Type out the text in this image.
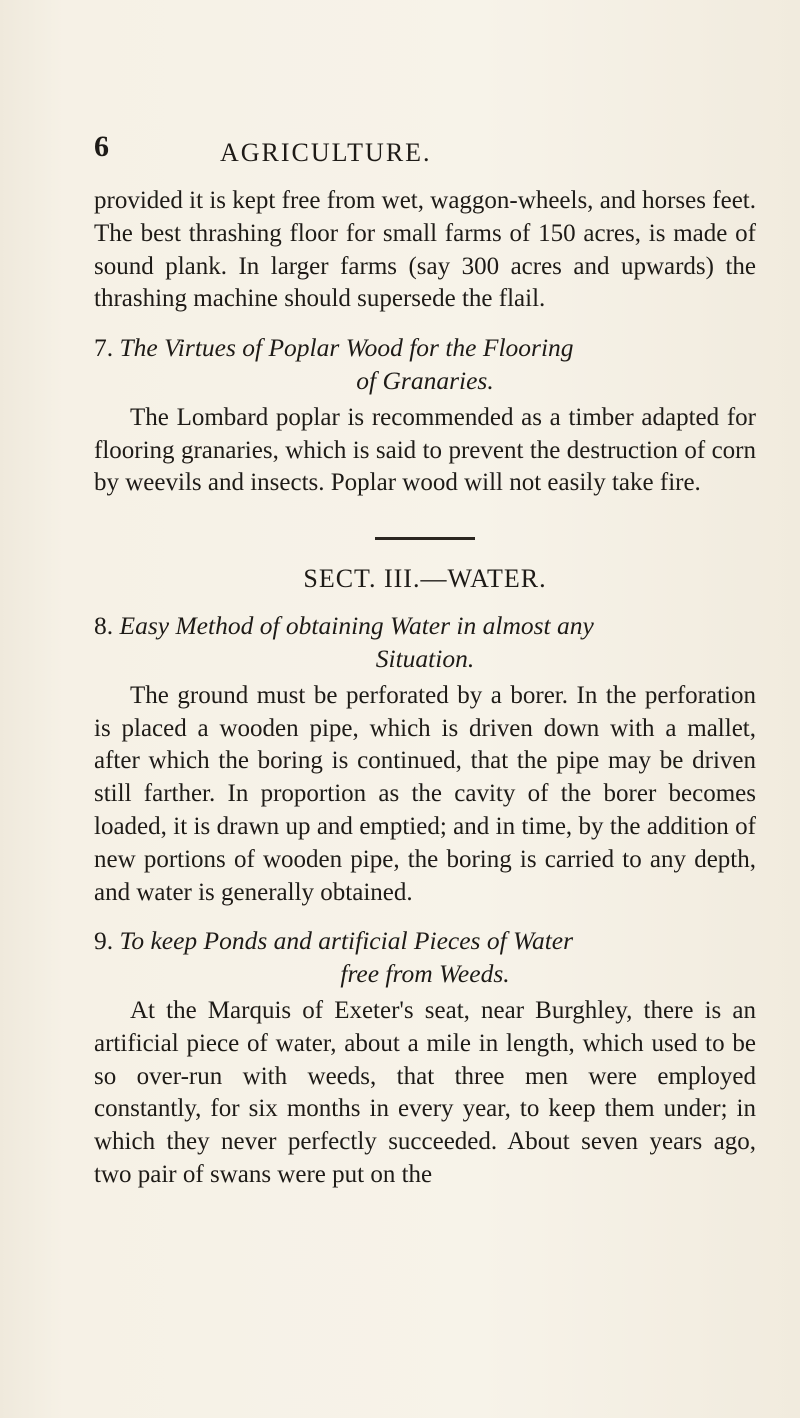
6	AGRICULTURE.

provided it is kept free from wet, waggon-wheels, and horses feet. The best thrashing floor for small farms of 150 acres, is made of sound plank. In larger farms (say 300 acres and upwards) the thrashing machine should supersede the flail.

7. The Virtues of Poplar Wood for the Flooring
of Granaries.

The Lombard poplar is recommended as a timber adapted for flooring granaries, which is said to prevent the destruction of corn by weevils and insects. Poplar wood will not easily take fire.

SECT. III.—WATER.
8. Easy Method of obtaining Water in almost any
Situation.

The ground must be perforated by a borer. In the perforation is placed a wooden pipe, which is driven down with a mallet, after which the boring is continued, that the pipe may be driven still farther. In proportion as the cavity of the borer becomes loaded, it is drawn up and emptied; and in time, by the addition of new portions of wooden pipe, the boring is carried to any depth, and water is generally obtained.

9. To keep Ponds and artificial Pieces of Water
free from Weeds.

At the Marquis of Exeter's seat, near Burghley, there is an artificial piece of water, about a mile in length, which used to be so over-run with weeds, that three men were employed constantly, for six months in every year, to keep them under; in which they never perfectly succeeded. About seven years ago, two pair of swans were put on the
